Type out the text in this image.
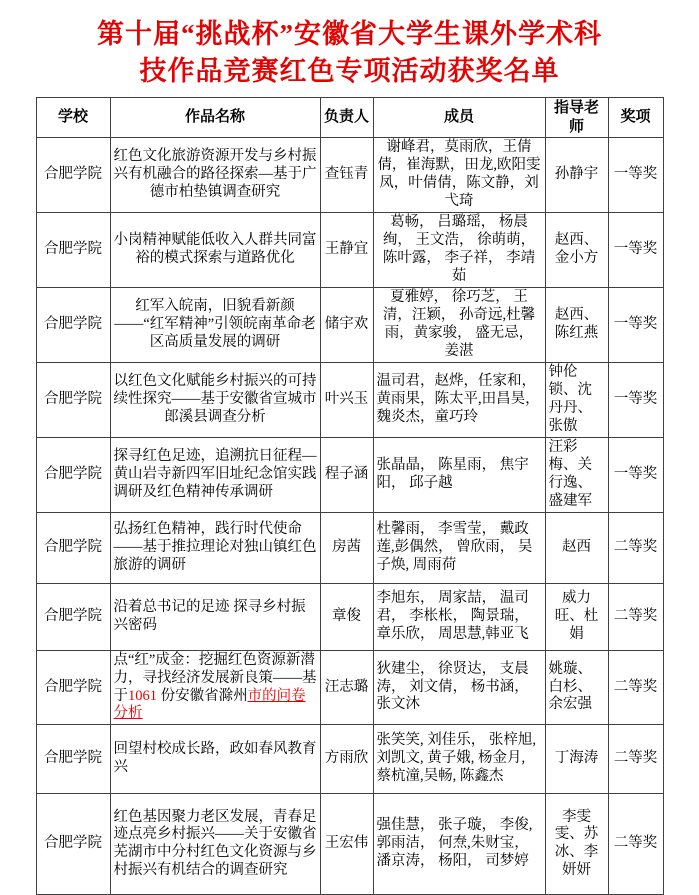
第十届“挑战杯”安徽省大学生课外学术科
技作品竞赛红色专项活动获奖名单
学校	作品名称	负责人	成员	指导老师	奖项
合肥学院	红色文化旅游资源开发与乡村振兴有机融合的路径探索—基于广德市柏垫镇调查研究	查钰青	谢峰君，莫雨欣，王倩倩，崔海默，田龙,欧阳雯凤，叶倩倩，陈文静，刘弋琦	孙静宇	一等奖
合肥学院	小岗精神赋能低收入人群共同富裕的模式探索与道路优化	王静宜	葛畅， 吕璐瑶， 杨晨绚， 王文浩， 徐萌萌，陈叶露， 李子祥， 李靖茹	赵西、金小方	一等奖
合肥学院	红军入皖南，旧貌看新颜——“红军精神”引领皖南革命老区高质量发展的调研	储宇欢	夏雅婷， 徐巧芝， 王清，汪颖， 孙奇远,杜馨雨，黄家骏， 盛无忌， 姜湛	赵西、陈红燕	一等奖
合肥学院	以红色文化赋能乡村振兴的可持续性探究——基于安徽省宣城市郎溪县调查分析	叶兴玉	温司君，赵烨，任家和，黄雨果，陈太平,田昌昊，魏炎杰，童巧玲	钟伦锁、沈丹丹、张傲	一等奖
合肥学院	探寻红色足迹，追溯抗日征程—黄山岩寺新四军旧址纪念馆实践调研及红色精神传承调研	程子涵	张晶晶， 陈星雨， 焦宇阳， 邱子越	汪彩 梅、关行逸、盛建军	一等奖
合肥学院	弘扬红色精神，践行时代使命——基于推拉理论对独山镇红色旅游的调研	房茜	杜馨雨， 李雪莹， 戴政莲,彭偶然， 曾欣雨， 吴子焕, 周雨荷	赵西	二等奖
合肥学院	沿着总书记的足迹 探寻乡村振兴密码	章俊	李旭东， 周家喆， 温司君， 李枨枨， 陶景瑞，章乐欣， 周思慧,韩亚飞	威力旺、杜娟	二等奖
合肥学院	点“红”成金：挖掘红色资源新潜力，寻找经济发展新良策——基于1061 份安徽省滁州市的问卷分析	汪志璐	狄建尘， 徐贤达， 支晨涛， 刘文倩， 杨书涵，张文沐	姚璇、白杉、余宏强	二等奖
合肥学院	回望村校成长路，政如春风教育兴	方雨欣	张笑笑, 刘佳乐， 张梓旭, 刘凯文, 黄子娥, 杨金月, 蔡杭潼,吴畅, 陈鑫杰	丁海涛	二等奖
合肥学院	红色基因聚力老区发展，青春足迹点亮乡村振兴——关于安徽省芜湖市中分村红色文化资源与乡村振兴有机结合的调查研究	王宏伟	强佳慧， 张子璇， 李俊,郭雨洁， 何焘,朱财宝，潘京涛， 杨阳， 司梦婷	李雯雯、苏冰、李妍妍	二等奖
